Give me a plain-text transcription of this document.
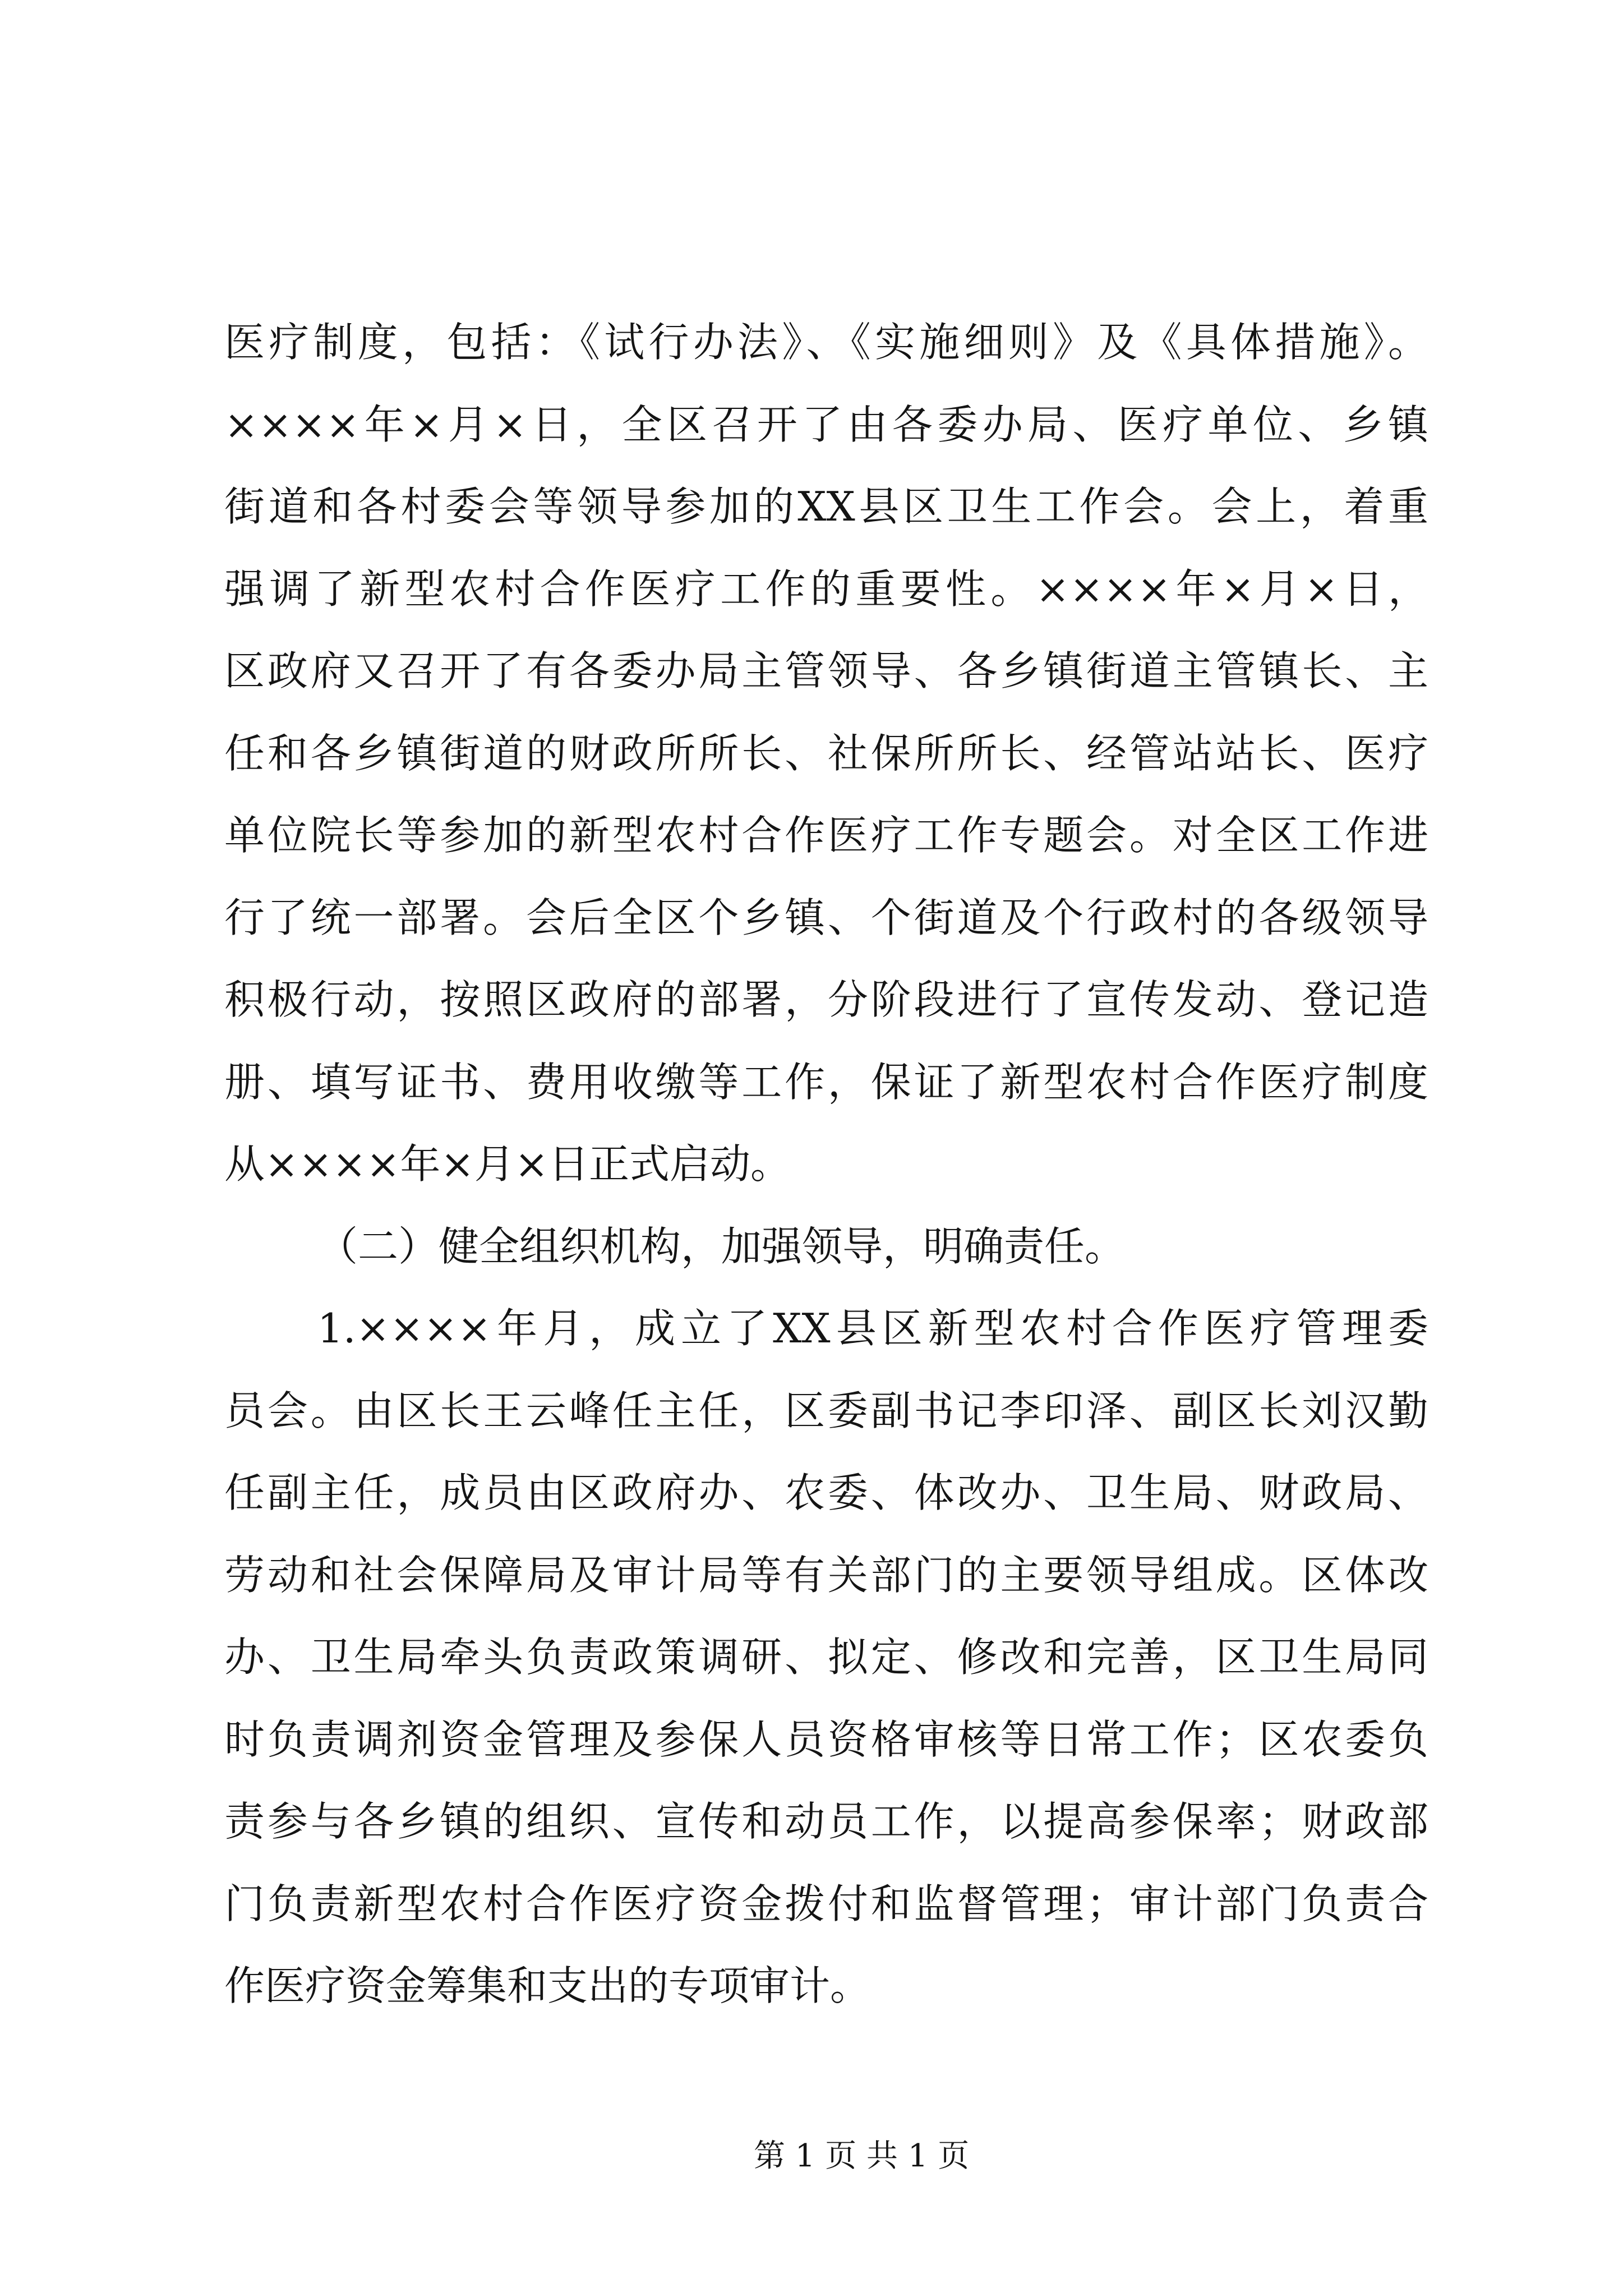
医疗制度，包括：《试行办法》、《实施细则》及《具体措施》。
××××年×月×日，全区召开了由各委办局、医疗单位、乡镇
街道和各村委会等领导参加的XX县区卫生工作会。会上，着重
强调了新型农村合作医疗工作的重要性。××××年×月×日，
区政府又召开了有各委办局主管领导、各乡镇街道主管镇长、主
任和各乡镇街道的财政所所长、社保所所长、经管站站长、医疗
单位院长等参加的新型农村合作医疗工作专题会。对全区工作进
行了统一部署。会后全区个乡镇、个街道及个行政村的各级领导
积极行动，按照区政府的部署，分阶段进行了宣传发动、登记造
册、填写证书、费用收缴等工作，保证了新型农村合作医疗制度
从××××年×月×日正式启动。
（二）健全组织机构，加强领导，明确责任。
1.××××年月，成立了XX县区新型农村合作医疗管理委
员会。由区长王云峰任主任，区委副书记李印泽、副区长刘汉勤
任副主任，成员由区政府办、农委、体改办、卫生局、财政局、
劳动和社会保障局及审计局等有关部门的主要领导组成。区体改
办、卫生局牵头负责政策调研、拟定、修改和完善，区卫生局同
时负责调剂资金管理及参保人员资格审核等日常工作；区农委负
责参与各乡镇的组织、宣传和动员工作，以提高参保率；财政部
门负责新型农村合作医疗资金拨付和监督管理；审计部门负责合
作医疗资金筹集和支出的专项审计。
第 1 页 共 1 页
